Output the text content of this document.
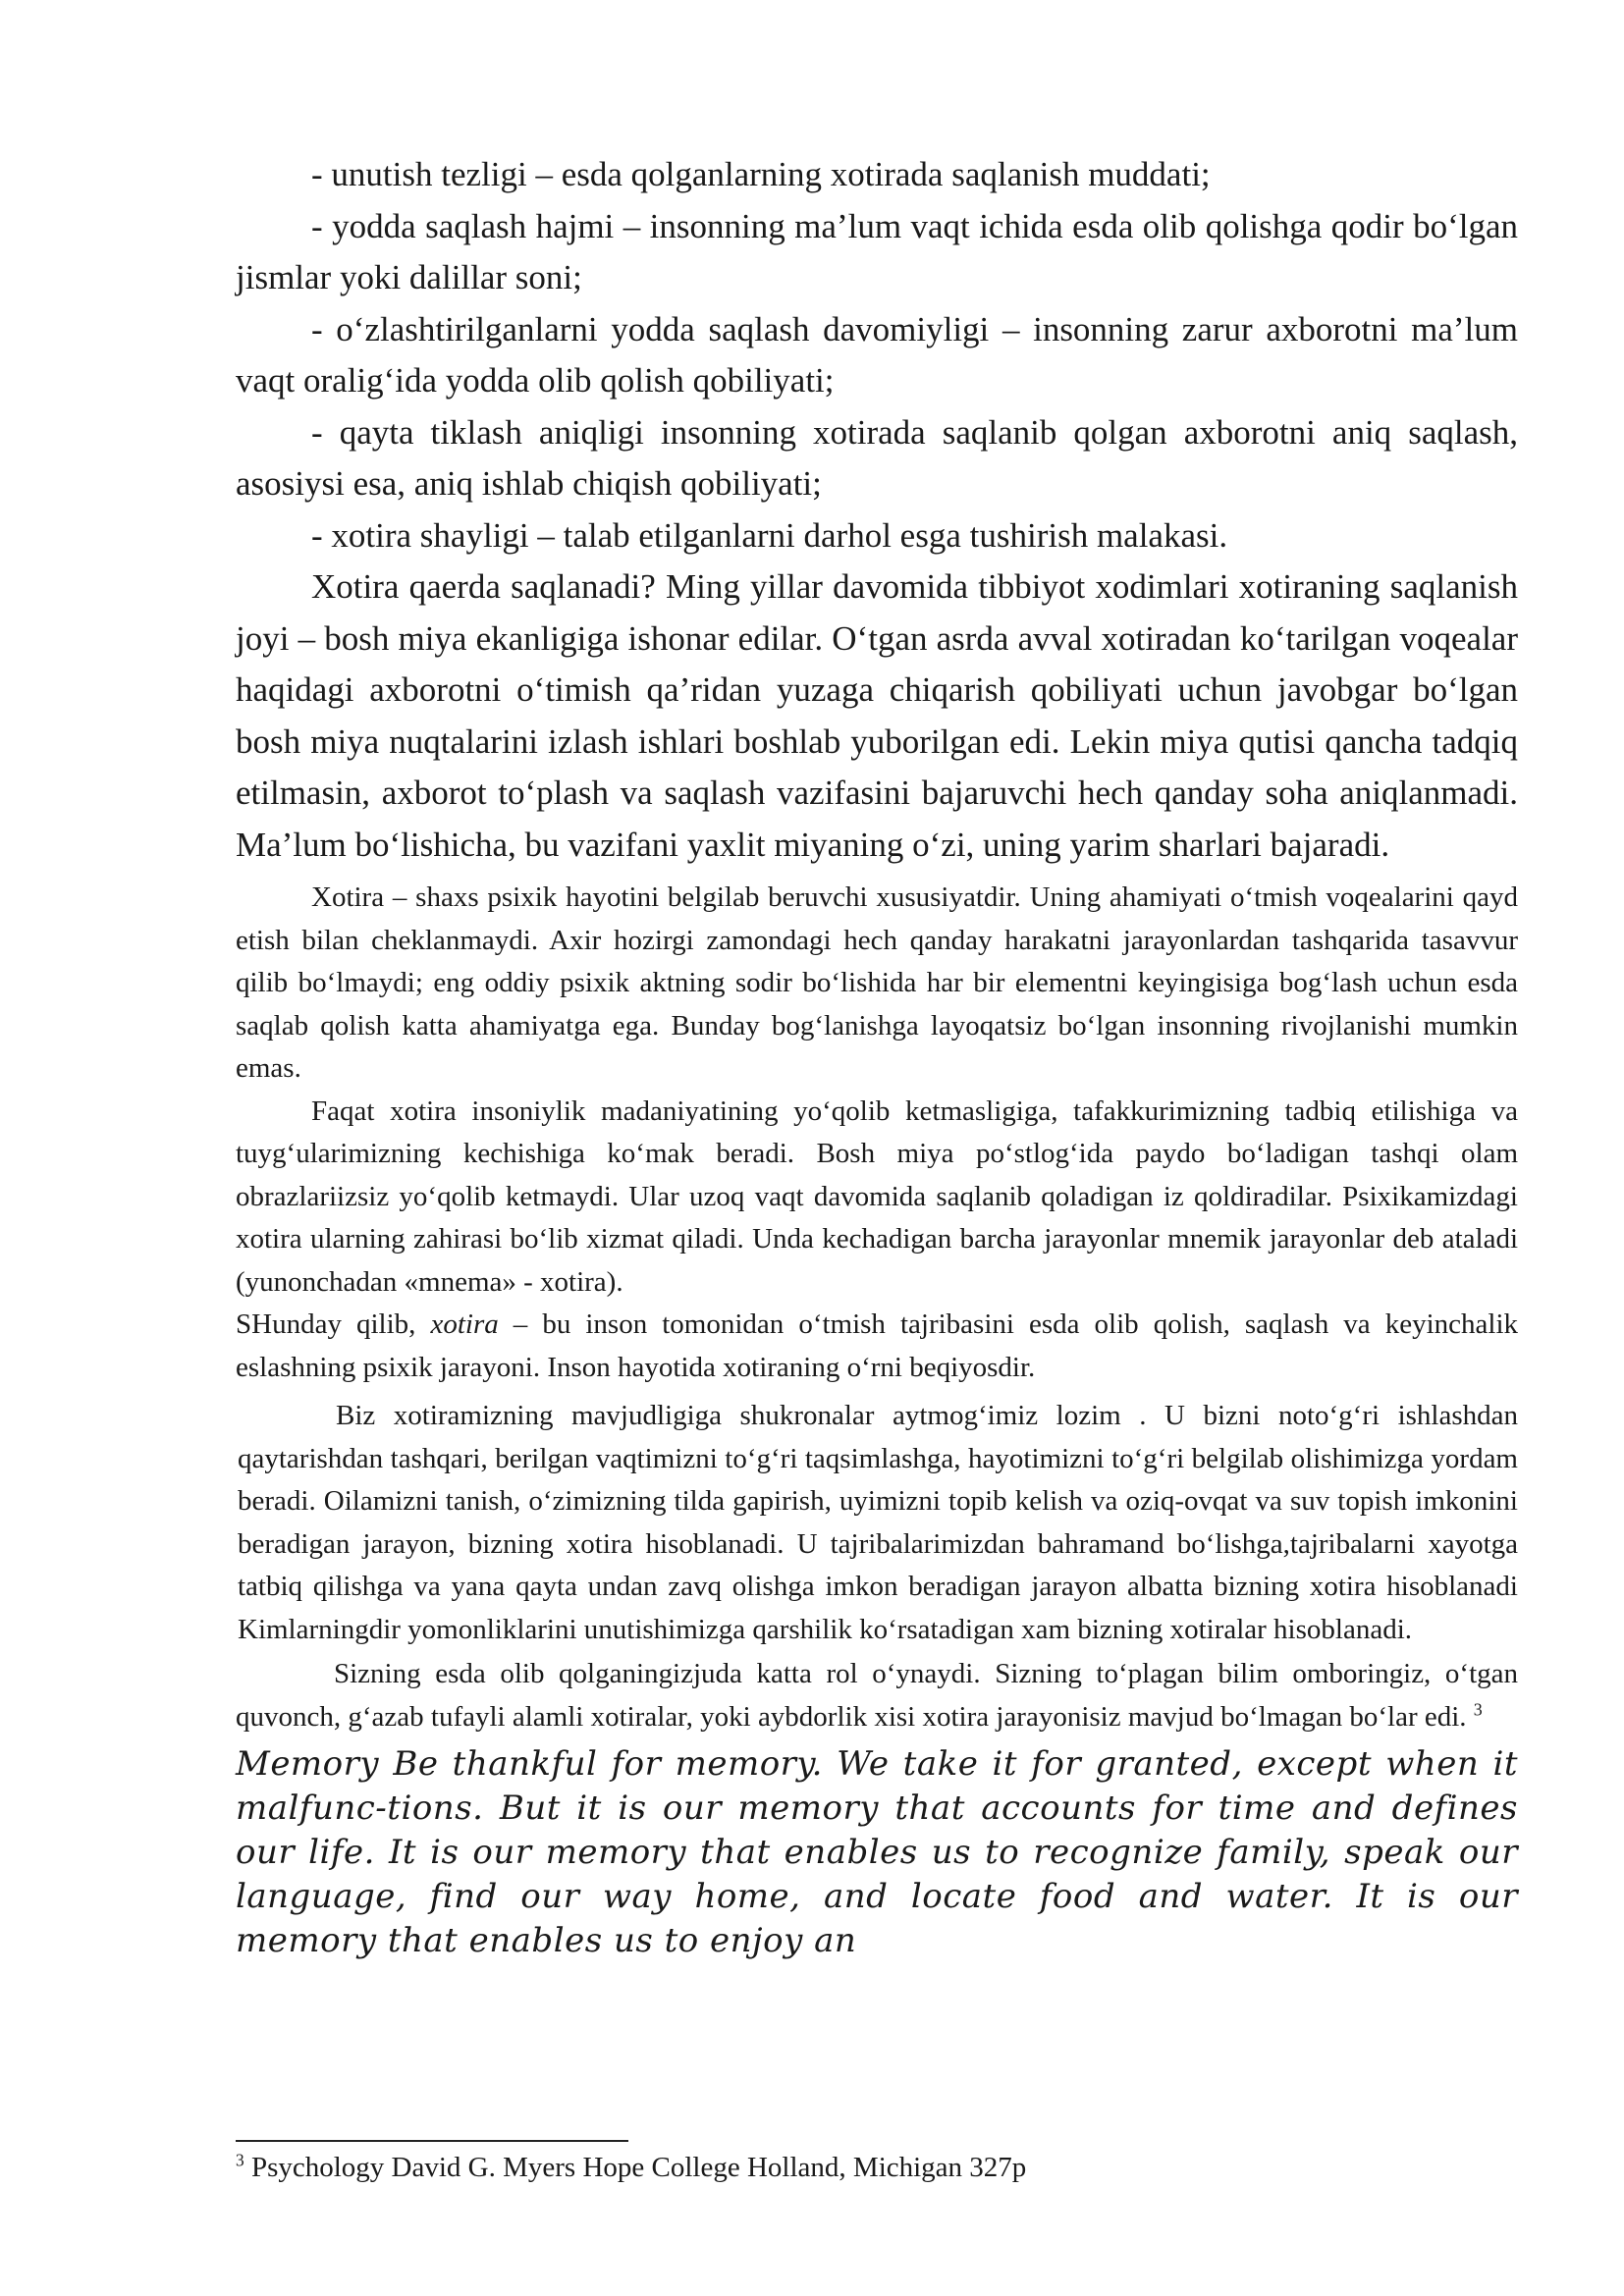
- unutish tezligi – esda qolganlarning xotirada saqlanish muddati;

- yodda saqlash hajmi – insonning ma’lum vaqt ichida esda olib qolishga qodir bo‘lgan jismlar yoki dalillar soni;

- o‘zlashtirilganlarni yodda saqlash davomiyligi – insonning zarur axborotni ma’lum vaqt oralig‘ida yodda olib qolish qobiliyati;

- qayta tiklash aniqligi insonning xotirada saqlanib qolgan axborotni aniq saqlash, asosiysi esa, aniq ishlab chiqish qobiliyati;

- xotira shayligi – talab etilganlarni darhol esga tushirish malakasi.

Xotira qaerda saqlanadi? Ming yillar davomida tibbiyot xodimlari xotiraning saqlanish joyi – bosh miya ekanligiga ishonar edilar. O‘tgan asrda avval xotiradan ko‘tarilgan voqealar haqidagi axborotni o‘timish qa’ridan yuzaga chiqarish qobiliyati uchun javobgar bo‘lgan bosh miya nuqtalarini izlash ishlari boshlab yuborilgan edi. Lekin miya qutisi qancha tadqiq etilmasin, axborot to‘plash va saqlash vazifasini bajaruvchi hech qanday soha aniqlanmadi. Ma’lum bo‘lishicha, bu vazifani yaxlit miyaning o‘zi, uning yarim sharlari bajaradi.

Xotira – shaxs psixik hayotini belgilab beruvchi xususiyatdir. Uning ahamiyati o‘tmish voqealarini qayd etish bilan cheklanmaydi. Axir hozirgi zamondagi hech qanday harakatni jarayonlardan tashqarida tasavvur qilib bo‘lmaydi; eng oddiy psixik aktning sodir bo‘lishida har bir elementni keyingisiga bog‘lash uchun esda saqlab qolish katta ahamiyatga ega. Bunday bog‘lanishga layoqatsiz bo‘lgan insonning rivojlanishi mumkin emas.

Faqat xotira insoniylik madaniyatining yo‘qolib ketmasligiga, tafakkurimizning tadbiq etilishiga va tuyg‘ularimizning kechishiga ko‘mak beradi. Bosh miya po‘stlog‘ida paydo bo‘ladigan tashqi olam obrazlariizsiz yo‘qolib ketmaydi. Ular uzoq vaqt davomida saqlanib qoladigan iz qoldiradilar. Psixikamizdagi xotira ularning zahirasi bo‘lib xizmat qiladi. Unda kechadigan barcha jarayonlar mnemik jarayonlar deb ataladi (yunonchadan «mnema» - xotira).

SHunday qilib, xotira – bu inson tomonidan o‘tmish tajribasini esda olib qolish, saqlash va keyinchalik eslashning psixik jarayoni. Inson hayotida xotiraning o‘rni beqiyosdir.

Biz xotiramizning mavjudligiga shukronalar aytmog‘imiz lozim . U bizni noto‘g‘ri ishlashdan qaytarishdan tashqari, berilgan vaqtimizni to‘g‘ri taqsimlashga, hayotimizni to‘g‘ri belgilab olishimizga yordam beradi. Oilamizni tanish, o‘zimizning tilda gapirish, uyimizni topib kelish va oziq-ovqat va suv topish imkonini beradigan jarayon, bizning xotira hisoblanadi. U tajribalarimizdan bahramand bo‘lishga,tajribalarni xayotga tatbiq qilishga va yana qayta undan zavq olishga imkon beradigan jarayon albatta bizning xotira hisoblanadi Kimlarningdir yomonliklarini unutishimizga qarshilik ko‘rsatadigan xam bizning xotiralar hisoblanadi.

Sizning esda olib qolganingizjuda katta rol o‘ynaydi. Sizning to‘plagan bilim omboringiz, o‘tgan quvonch, g‘azab tufayli alamli xotiralar, yoki aybdorlik xisi xotira jarayonisiz mavjud bo‘lmagan bo‘lar edi. $^3$

Memory Be thankful for memory. We take it for granted, except when it malfunc-tions. But it is our memory that accounts for time and defines our life. It is our memory that enables us to recognize family, speak our language, find our way home, and locate food and water. It is our memory that enables us to enjoy an

$^3$ Psychology David G. Myers Hope College Holland, Michigan 327p
